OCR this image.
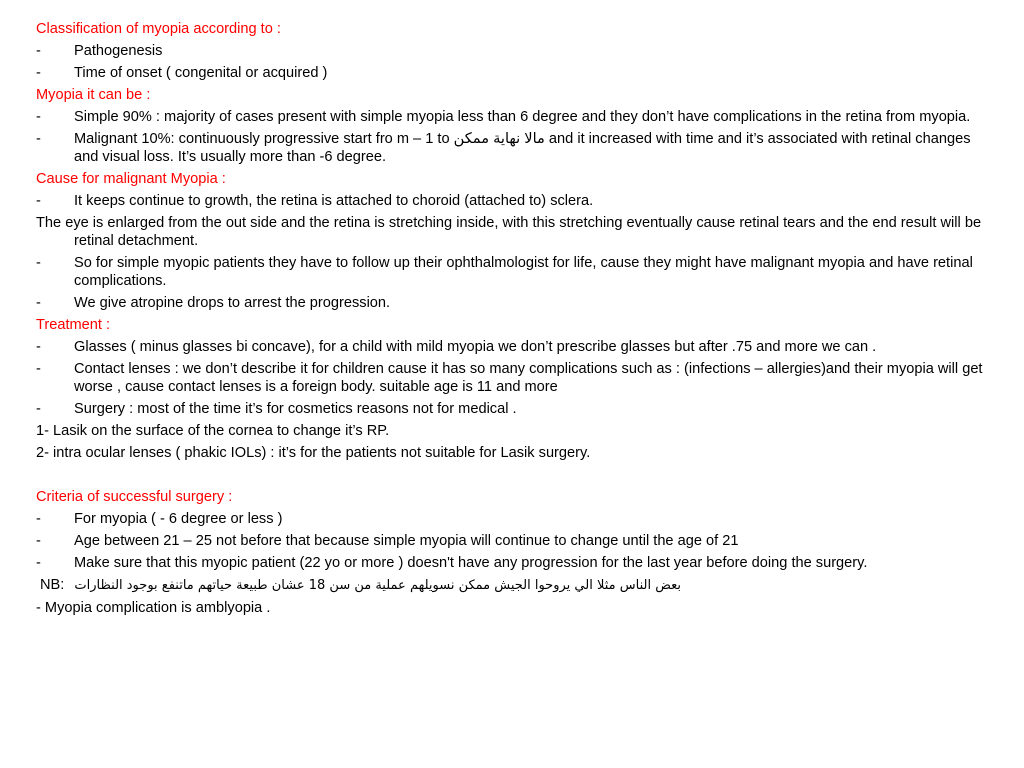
Classification of myopia according to :
- Pathogenesis
- Time of onset ( congenital or acquired )
Myopia it can be :
- Simple 90% : majority of cases present with simple myopia less than 6 degree and they don’t have complications in the retina from myopia.
- Malignant 10%: continuously progressive start fro m – 1 to مالا نهاية ممكن and it increased with time and it’s associated with retinal changes and visual loss. It’s usually more than -6 degree.
Cause for malignant Myopia :
- It keeps continue to growth, the retina is attached to choroid (attached to) sclera.
The eye is enlarged from the out side and the retina is stretching inside, with this stretching eventually cause retinal tears and the end result will be retinal detachment.
- So for simple myopic patients they have to follow up their ophthalmologist for life, cause they might have malignant myopia and have retinal complications.
- We give atropine drops to arrest the progression.
Treatment :
- Glasses ( minus glasses bi concave), for a child with mild myopia we don’t prescribe glasses but after .75 and more we can .
- Contact lenses : we don’t describe it for children cause it has so many complications such as : (infections – allergies)and their myopia will get worse , cause contact lenses is a foreign body. suitable age is 11 and more
- Surgery : most of the time it’s for cosmetics reasons not for medical .
1- Lasik on the surface of the cornea to change it’s RP.
2- intra ocular lenses ( phakic IOLs) : it’s for the patients not suitable for Lasik surgery.
Criteria of successful surgery :
- For myopia ( - 6 degree or less )
- Age between 21 – 25 not before that because simple myopia will continue to change until the age of 21
- Make sure that this myopic patient (22 yo or more ) doesn't have any progression for the last year before doing the surgery.
NB: بعض الناس مثلا الي يروحوا الجيش ممكن نسويلهم عملية من سن 18 عشان طبيعة حياتهم ماتنفع بوجود النظارات
- Myopia complication is amblyopia .
